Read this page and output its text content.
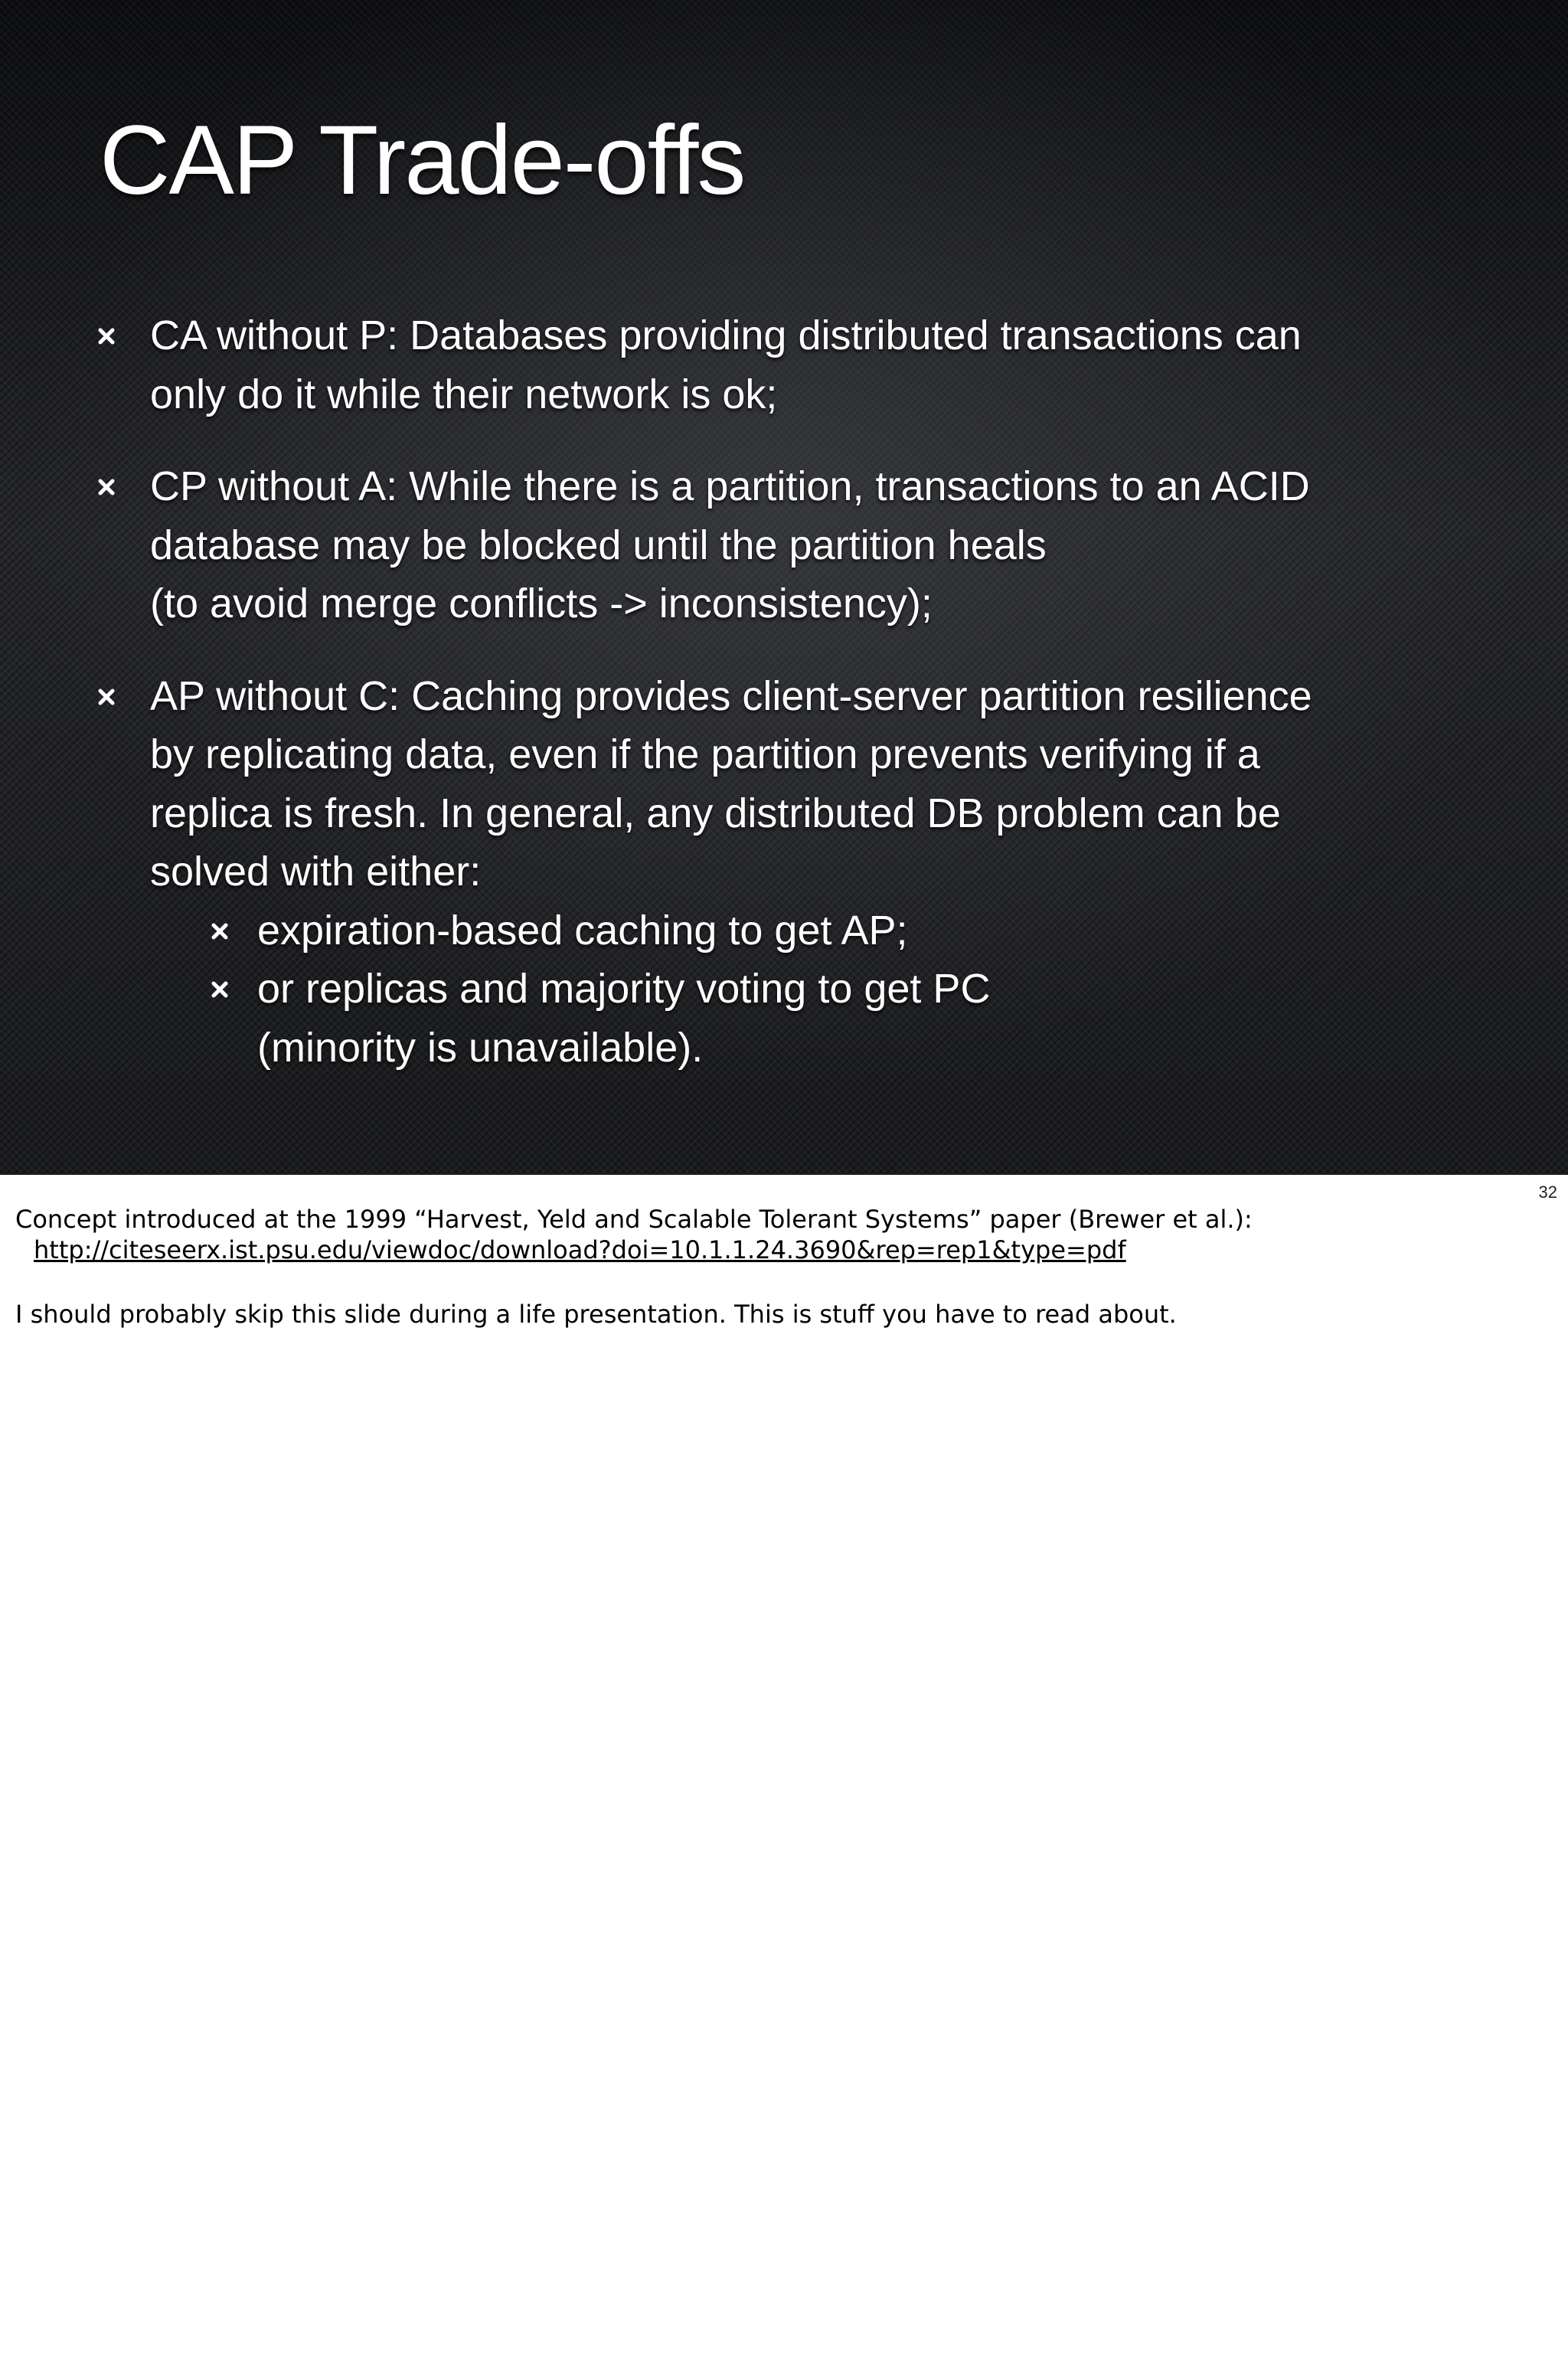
CAP Trade-offs
CA without P: Databases providing distributed transactions can
only do it while their network is ok;
CP without A: While there is a partition, transactions to an ACID
database may be blocked until the partition heals
(to avoid merge conflicts -> inconsistency);
AP without C: Caching provides client-server partition resilience
by replicating data, even if the partition prevents verifying if a
replica is fresh. In general, any distributed DB problem can be
solved with either:
expiration-based caching to get AP;
or replicas and majority voting to get PC
(minority is unavailable).
32

Concept introduced at the 1999 “Harvest, Yeld and Scalable Tolerant Systems” paper (Brewer et al.):

http://citeseerx.ist.psu.edu/viewdoc/download?doi=10.1.1.24.3690&rep=rep1&type=pdf

I should probably skip this slide during a life presentation. This is stuff you have to read about.
